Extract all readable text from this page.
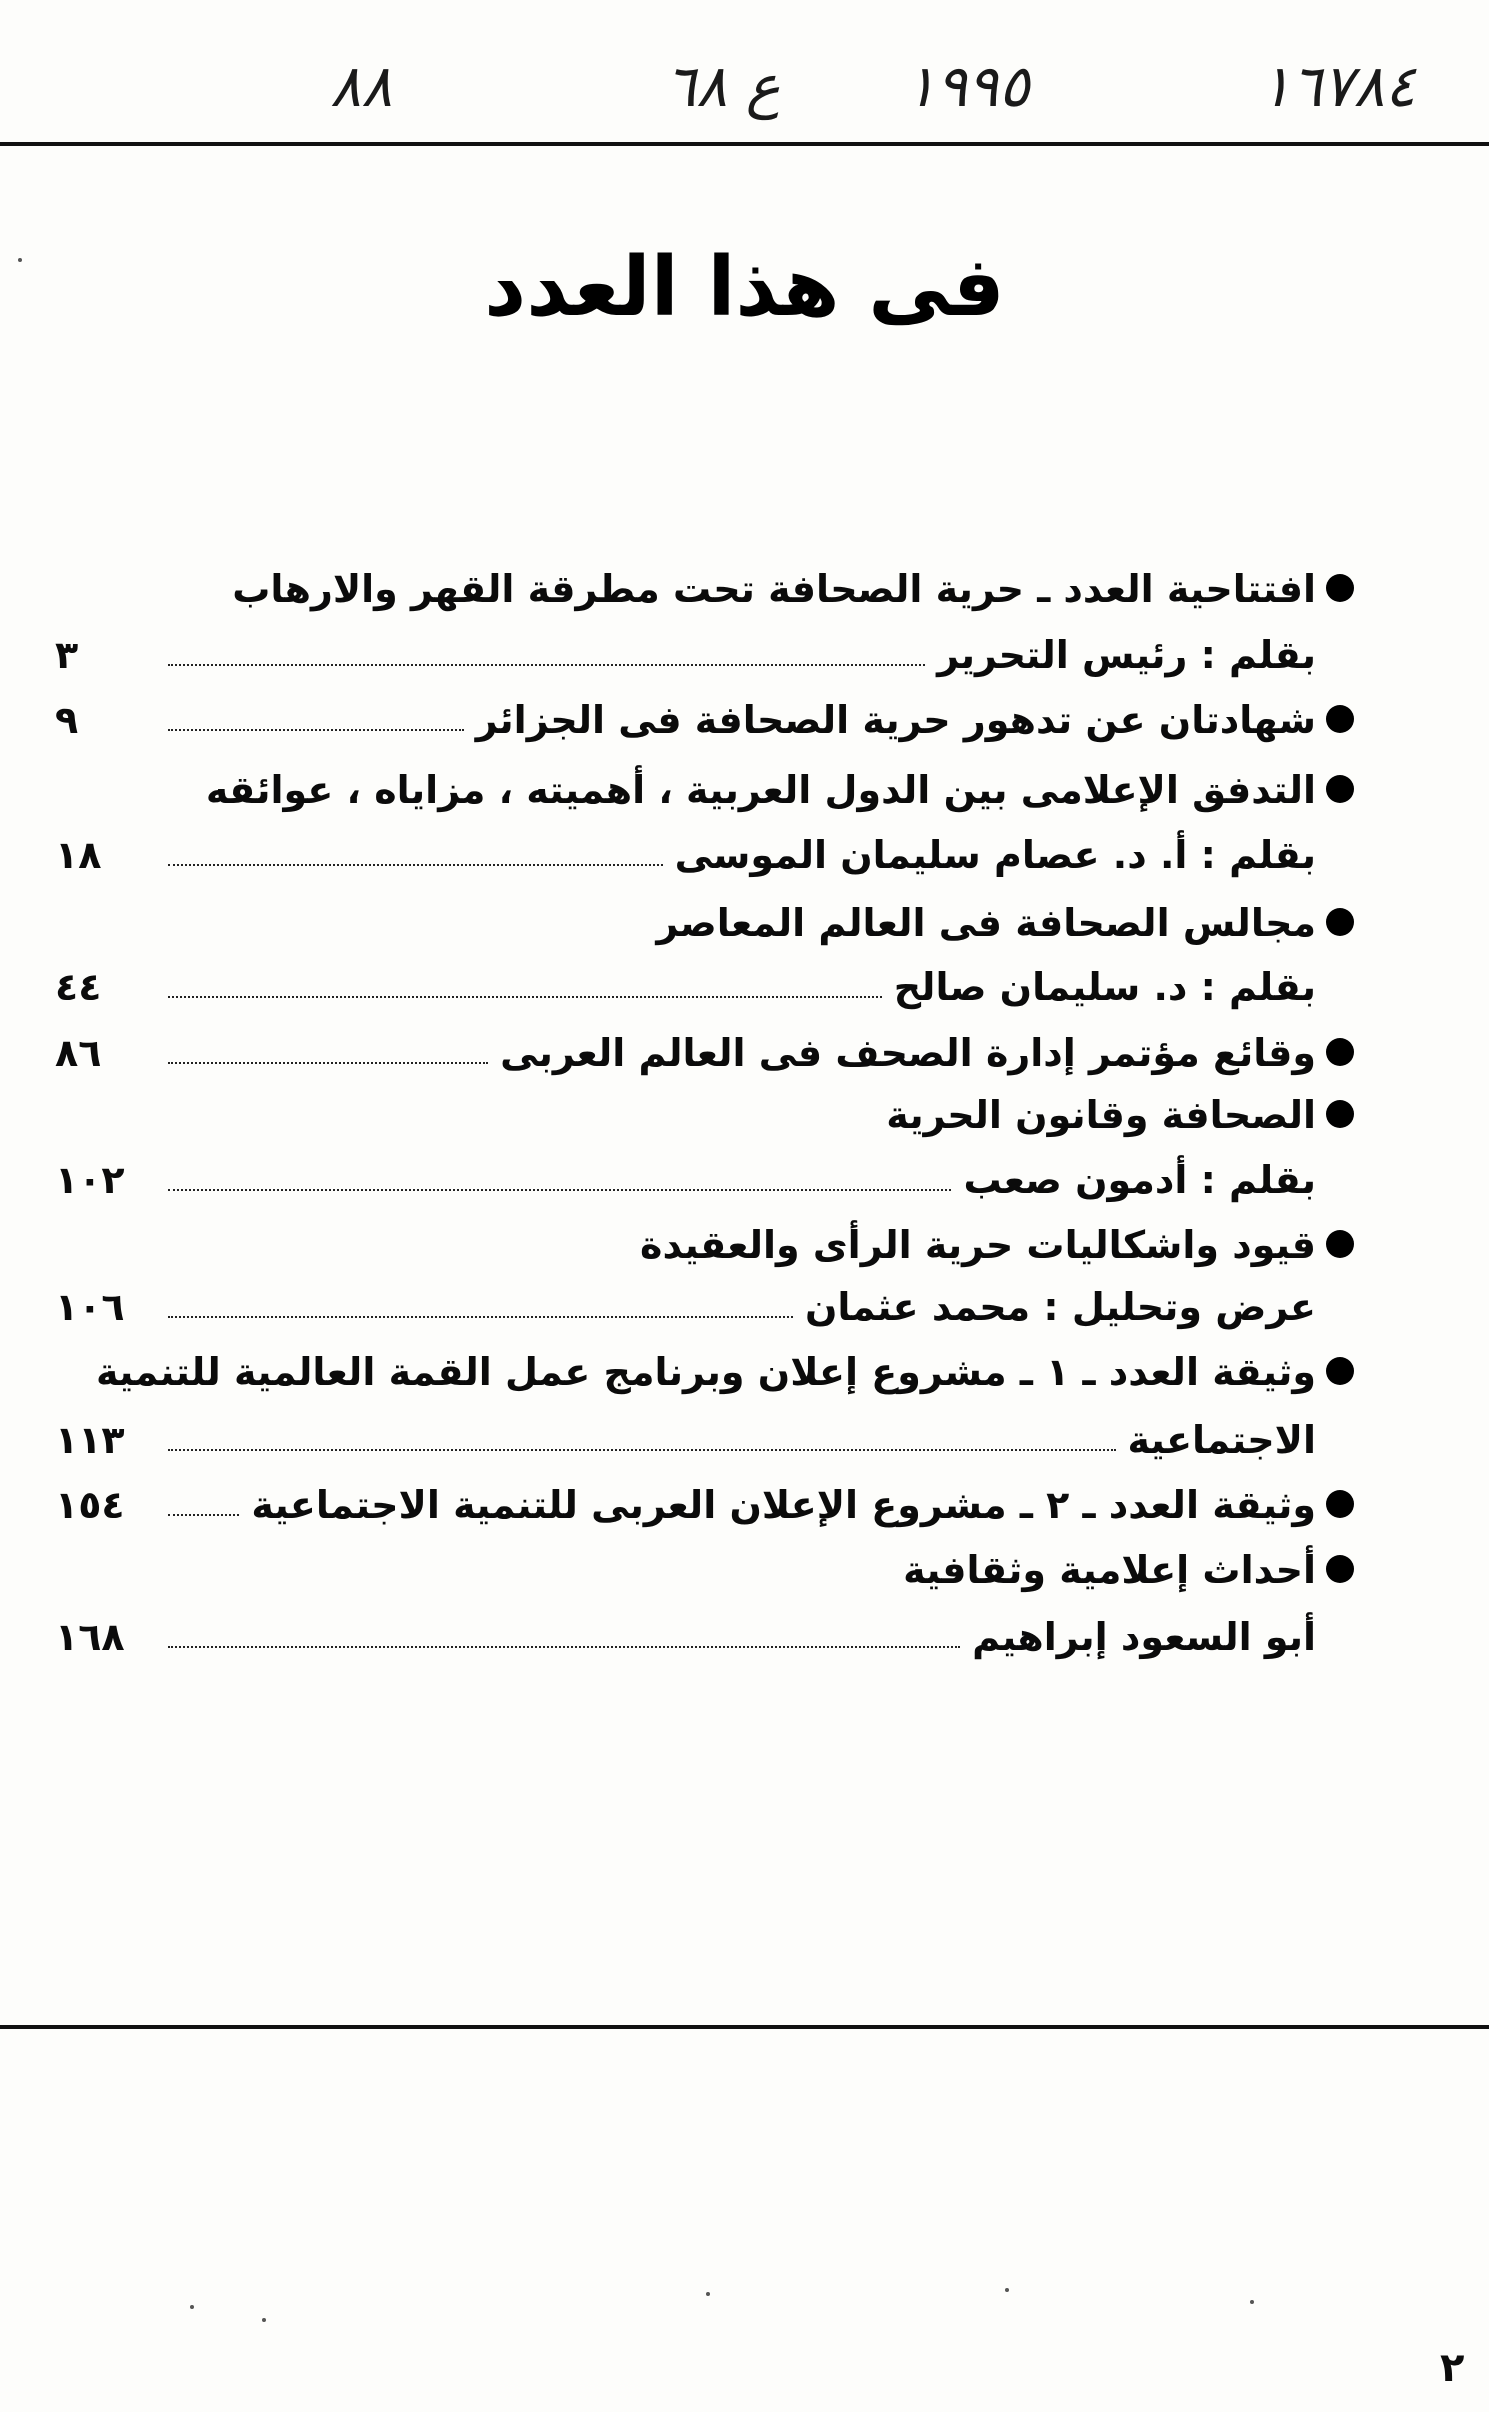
٨٨	ع ٦٨ ١٩٩٥	١٦٧٨٤
فى هذا العدد
افتتاحية العدد ـ حرية الصحافة تحت مطرقة القهر والارهاب
بقلم : رئيس التحرير
٣
شهادتان عن تدهور حرية الصحافة فى الجزائر
٩
التدفق الإعلامى بين الدول العربية ، أهميته ، مزاياه ، عوائقه
بقلم : أ. د. عصام سليمان الموسى
١٨
مجالس الصحافة فى العالم المعاصر
بقلم : د. سليمان صالح
٤٤
وقائع مؤتمر إدارة الصحف فى العالم العربى
٨٦
الصحافة وقانون الحرية
بقلم : أدمون صعب
١٠٢
قيود واشكاليات حرية الرأى والعقيدة
عرض وتحليل : محمد عثمان
١٠٦
وثيقة العدد ـ ١ ـ مشروع إعلان وبرنامج عمل القمة العالمية للتنمية
الاجتماعية
١١٣
وثيقة العدد ـ ٢ ـ مشروع الإعلان العربى للتنمية الاجتماعية
١٥٤
أحداث إعلامية وثقافية
أبو السعود إبراهيم
١٦٨
٢
